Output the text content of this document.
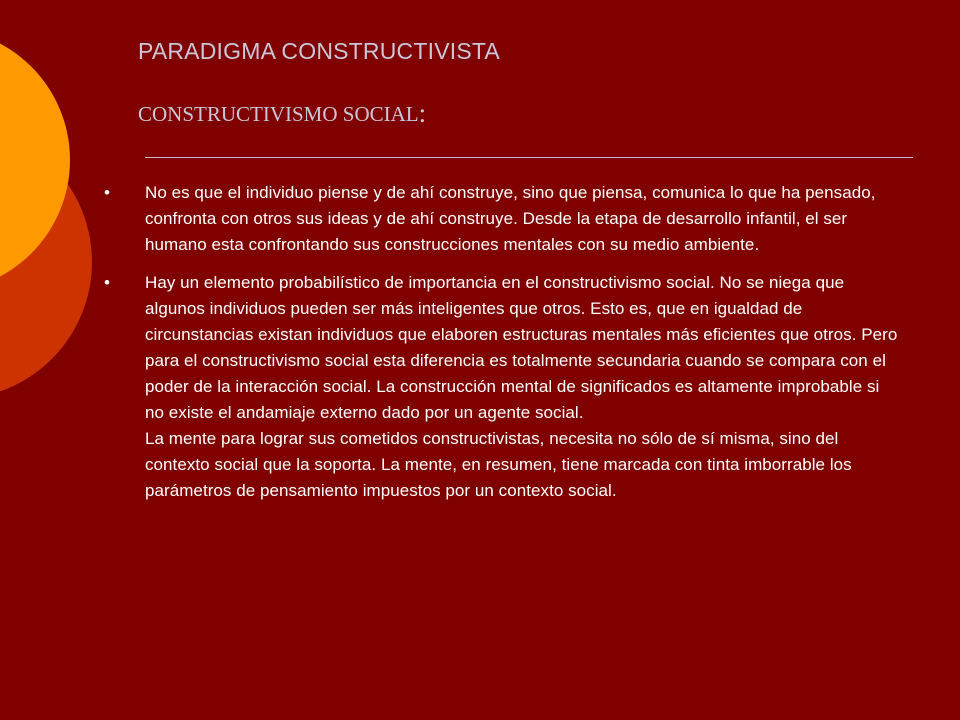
PARADIGMA CONSTRUCTIVISTA
CONSTRUCTIVISMO SOCIAL:
• No es que el individuo piense y de ahí construye, sino que piensa, comunica lo que ha pensado, confronta con otros sus ideas y de ahí construye. Desde la etapa de desarrollo infantil, el ser humano esta confrontando sus construcciones mentales con su medio ambiente.
• Hay un elemento probabilístico de importancia en el constructivismo social. No se niega que algunos individuos pueden ser más inteligentes que otros. Esto es, que en igualdad de circunstancias existan individuos que elaboren estructuras mentales más eficientes que otros. Pero para el constructivismo social esta diferencia es totalmente secundaria cuando se compara con el poder de la interacción social. La construcción mental de significados es altamente improbable si no existe el andamiaje externo dado por un agente social.
La mente para lograr sus cometidos constructivistas, necesita no sólo de sí misma, sino del contexto social que la soporta. La mente, en resumen, tiene marcada con tinta imborrable los parámetros de pensamiento impuestos por un contexto social.
